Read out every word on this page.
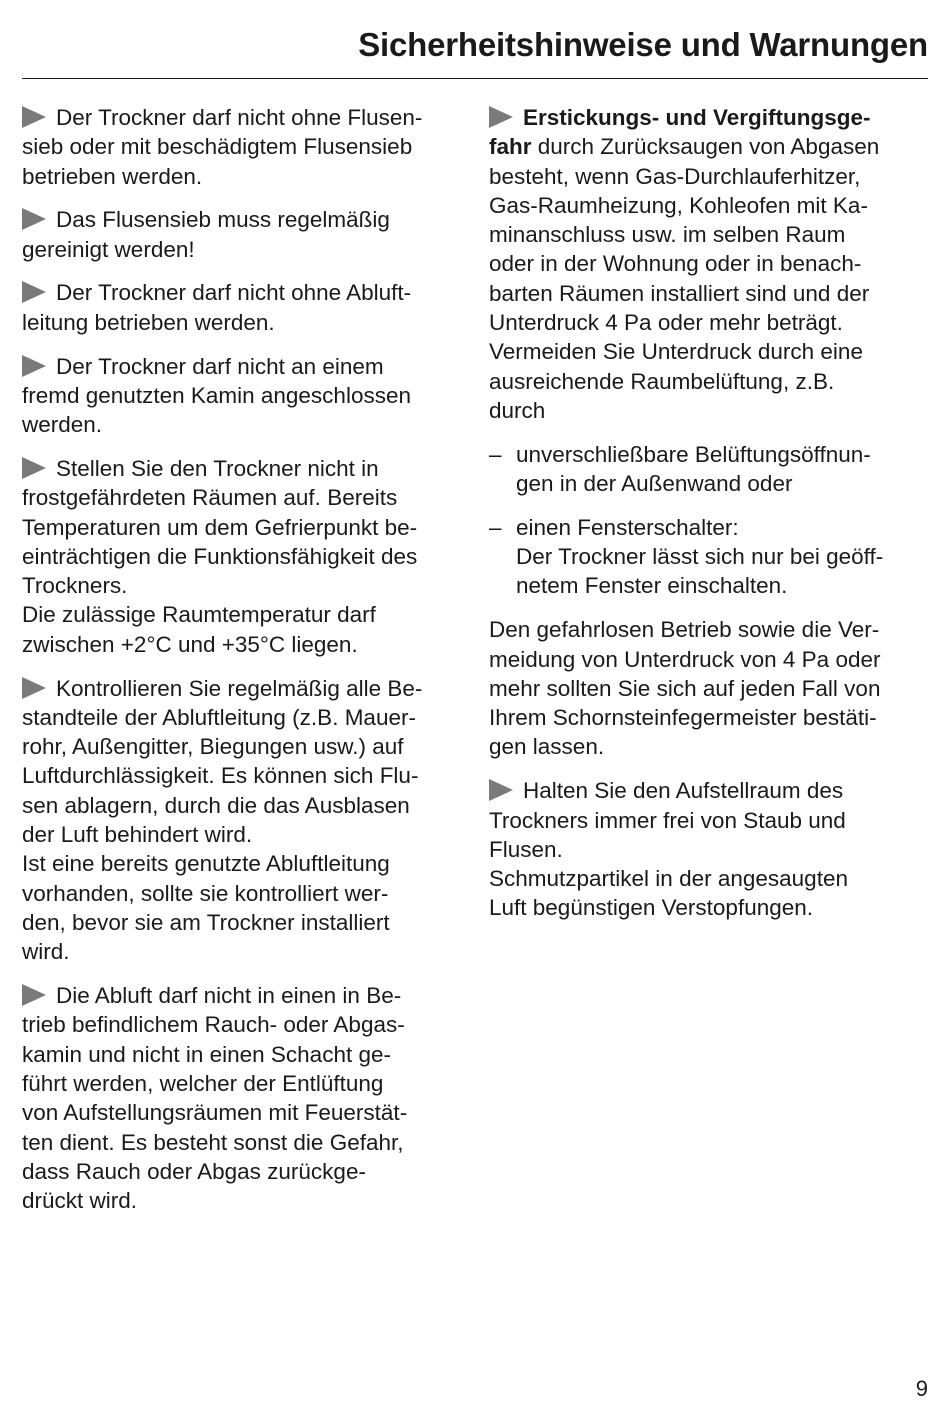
Sicherheitshinweise und Warnungen
Der Trockner darf nicht ohne Flusen-
sieb oder mit beschädigtem Flusensieb
betrieben werden.
Das Flusensieb muss regelmäßig
gereinigt werden!
Der Trockner darf nicht ohne Abluft-
leitung betrieben werden.
Der Trockner darf nicht an einem
fremd genutzten Kamin angeschlossen
werden.
Stellen Sie den Trockner nicht in
frostgefährdeten Räumen auf. Bereits
Temperaturen um dem Gefrierpunkt be-
einträchtigen die Funktionsfähigkeit des
Trockners.
Die zulässige Raumtemperatur darf
zwischen +2°C und +35°C liegen.
Kontrollieren Sie regelmäßig alle Be-
standteile der Abluftleitung (z.B. Mauer-
rohr, Außengitter, Biegungen usw.) auf
Luftdurchlässigkeit. Es können sich Flu-
sen ablagern, durch die das Ausblasen
der Luft behindert wird.
Ist eine bereits genutzte Abluftleitung
vorhanden, sollte sie kontrolliert wer-
den, bevor sie am Trockner installiert
wird.
Die Abluft darf nicht in einen in Be-
trieb befindlichem Rauch- oder Abgas-
kamin und nicht in einen Schacht ge-
führt werden, welcher der Entlüftung
von Aufstellungsräumen mit Feuerstät-
ten dient. Es besteht sonst die Gefahr,
dass Rauch oder Abgas zurückge-
drückt wird.
Erstickungs- und Vergiftungsge-
fahr durch Zurücksaugen von Abgasen
besteht, wenn Gas-Durchlauferhitzer,
Gas-Raumheizung, Kohleofen mit Ka-
minanschluss usw. im selben Raum
oder in der Wohnung oder in benach-
barten Räumen installiert sind und der
Unterdruck 4 Pa oder mehr beträgt.
Vermeiden Sie Unterdruck durch eine
ausreichende Raumbelüftung, z.B.
durch
– unverschließbare Belüftungsöffnun-
gen in der Außenwand oder
– einen Fensterschalter:
Der Trockner lässt sich nur bei geöff-
netem Fenster einschalten.
Den gefahrlosen Betrieb sowie die Ver-
meidung von Unterdruck von 4 Pa oder
mehr sollten Sie sich auf jeden Fall von
Ihrem Schornsteinfegermeister bestäti-
gen lassen.
Halten Sie den Aufstellraum des
Trockners immer frei von Staub und
Flusen.
Schmutzpartikel in der angesaugten
Luft begünstigen Verstopfungen.
9
